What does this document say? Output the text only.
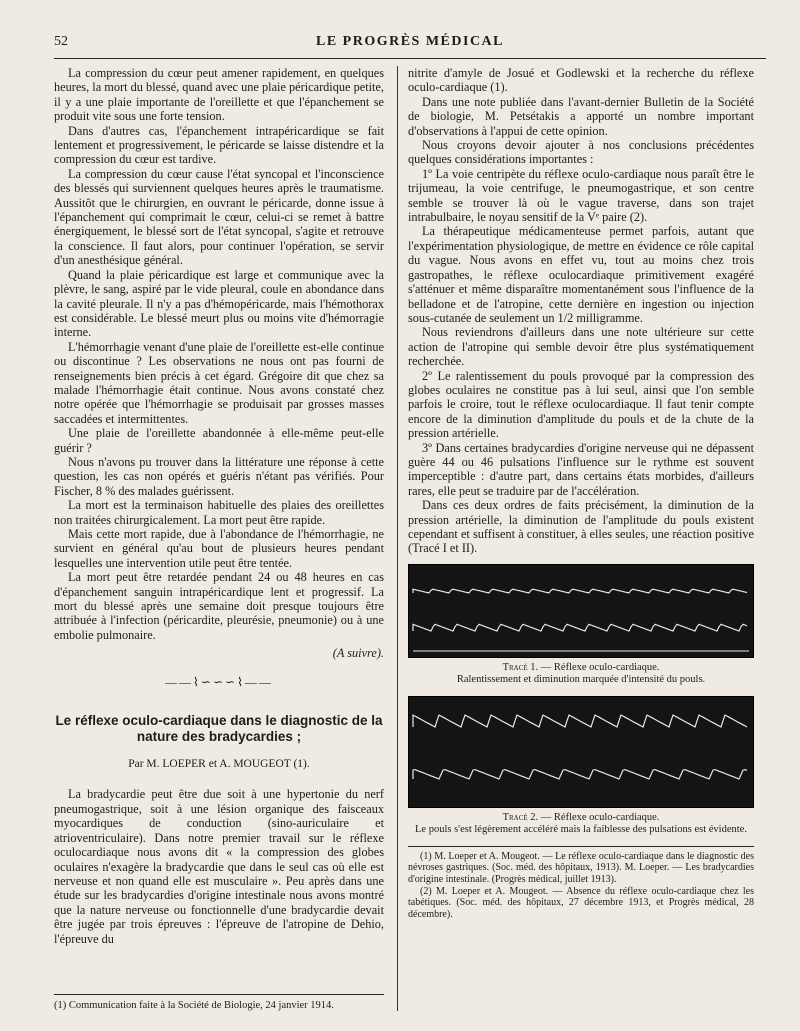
52	LE PROGRÈS MÉDICAL

La compression du cœur peut amener rapidement, en quelques heures, la mort du blessé, quand avec une plaie péricardique petite, il y a une plaie importante de l'oreillette et que l'épanchement se produit vite sous une forte tension.

Dans d'autres cas, l'épanchement intrapéricardique se fait lentement et progressivement, le péricarde se laisse distendre et la compression du cœur est tardive.

La compression du cœur cause l'état syncopal et l'inconscience des blessés qui surviennent quelques heures après le traumatisme. Aussitôt que le chirurgien, en ouvrant le péricarde, donne issue à l'épanchement qui comprimait le cœur, celui-ci se remet à battre énergiquement, le blessé sort de l'état syncopal, s'agite et retrouve la conscience. Il faut alors, pour continuer l'opération, se servir d'un anesthésique général.

Quand la plaie péricardique est large et communique avec la plèvre, le sang, aspiré par le vide pleural, coule en abondance dans la cavité pleurale. Il n'y a pas d'hémopéricarde, mais l'hémothorax est considérable. Le blessé meurt plus ou moins vite d'hémorragie interne.

L'hémorrhagie venant d'une plaie de l'oreillette est-elle continue ou discontinue ? Les observations ne nous ont pas fourni de renseignements bien précis à cet égard. Grégoire dit que chez sa malade l'hémorrhagie était continue. Nous avons constaté chez notre opérée que l'hémorrhagie se produisait par grosses masses saccadées et intermittentes.

Une plaie de l'oreillette abandonnée à elle-même peut-elle guérir ?

Nous n'avons pu trouver dans la littérature une réponse à cette question, les cas non opérés et guéris n'étant pas vérifiés. Pour Fischer, 8 % des malades guérissent.

La mort est la terminaison habituelle des plaies des oreillettes non traitées chirurgicalement. La mort peut être rapide.

Mais cette mort rapide, due à l'abondance de l'hémorrhagie, ne survient en général qu'au bout de plusieurs heures pendant lesquelles une intervention utile peut être tentée.

La mort peut être retardée pendant 24 ou 48 heures en cas d'épanchement sanguin intrapéricardique lent et progressif. La mort du blessé après une semaine doit presque toujours être attribuée à l'infection (péricardite, pleurésie, pneumonie) ou à une embolie pulmonaire.

(A suivre).

——⌇∽∽∽⌇——
Le réflexe oculo-cardiaque dans le diagnostic de la nature des bradycardies ;
Par M. LOEPER et A. MOUGEOT (1).

La bradycardie peut être due soit à une hypertonie du nerf pneumogastrique, soit à une lésion organique des faisceaux myocardiques de conduction (sino-auriculaire et atrioventriculaire). Dans notre premier travail sur le réflexe oculocardiaque nous avons dit « la compression des globes oculaires n'exagère la bradycardie que dans le seul cas où elle est nerveuse et non quand elle est musculaire ». Peu après dans une étude sur les bradycardies d'origine intestinale nous avons montré que la nature nerveuse ou fonctionnelle d'une bradycardie devait être jugée par trois épreuves : l'épreuve de l'atropine de Dehio, l'épreuve du

(1) Communication faite à la Société de Biologie, 24 janvier 1914.

nitrite d'amyle de Josué et Godlewski et la recherche du réflexe oculo-cardiaque (1).

Dans une note publiée dans l'avant-dernier Bulletin de la Société de biologie, M. Petsétakis a apporté un nombre important d'observations à l'appui de cette opinion.

Nous croyons devoir ajouter à nos conclusions précédentes quelques considérations importantes :

1º La voie centripète du réflexe oculo-cardiaque nous paraît être le trijumeau, la voie centrifuge, le pneumogastrique, et son centre semble se trouver là où le vague traverse, dans son trajet intrabulbaire, le noyau sensitif de la Vᵉ paire (2).

La thérapeutique médicamenteuse permet parfois, autant que l'expérimentation physiologique, de mettre en évidence ce rôle capital du vague. Nous avons en effet vu, tout au moins chez trois gastropathes, le réflexe oculocardiaque primitivement exagéré s'atténuer et même disparaître momentanément sous l'influence de la belladone et de l'atropine, cette dernière en ingestion ou injection sous-cutanée de seulement un 1/2 milligramme.

Nous reviendrons d'ailleurs dans une note ultérieure sur cette action de l'atropine qui semble devoir être plus systématiquement recherchée.

2º Le ralentissement du pouls provoqué par la compression des globes oculaires ne constitue pas à lui seul, ainsi que l'on semble parfois le croire, tout le réflexe oculocardiaque. Il faut tenir compte encore de la diminution d'amplitude du pouls et de la chute de la pression artérielle.

3º Dans certaines bradycardies d'origine nerveuse qui ne dépassent guère 44 ou 46 pulsations l'influence sur le rythme est souvent imperceptible : d'autre part, dans certains états morbides, d'ailleurs rares, elle peut se traduire par de l'accélération.

Dans ces deux ordres de faits précisément, la diminution de la pression artérielle, la diminution de l'amplitude du pouls existent cependant et suffisent à constituer, à elles seules, une réaction positive (Tracé I et II).

Tracé 1. — Réflexe oculo-cardiaque.
Ralentissement et diminution marquée d'intensité du pouls.
Tracé 2. — Réflexe oculo-cardiaque.
Le pouls s'est légèrement accéléré mais la faiblesse des pulsations est évidente.

(1) M. Loeper et A. Mougeot. — Le réflexe oculo-cardiaque dans le diagnostic des névroses gastriques. (Soc. méd. des hôpitaux, 1913). M. Loeper. — Les bradycardies d'origine intestinale. (Progrès médical, juillet 1913).

(2) M. Loeper et A. Mougeot. — Absence du réflexe oculo-cardiaque chez les tabétiques. (Soc. méd. des hôpitaux, 27 décembre 1913, et Progrès médical, 28 décembre).
